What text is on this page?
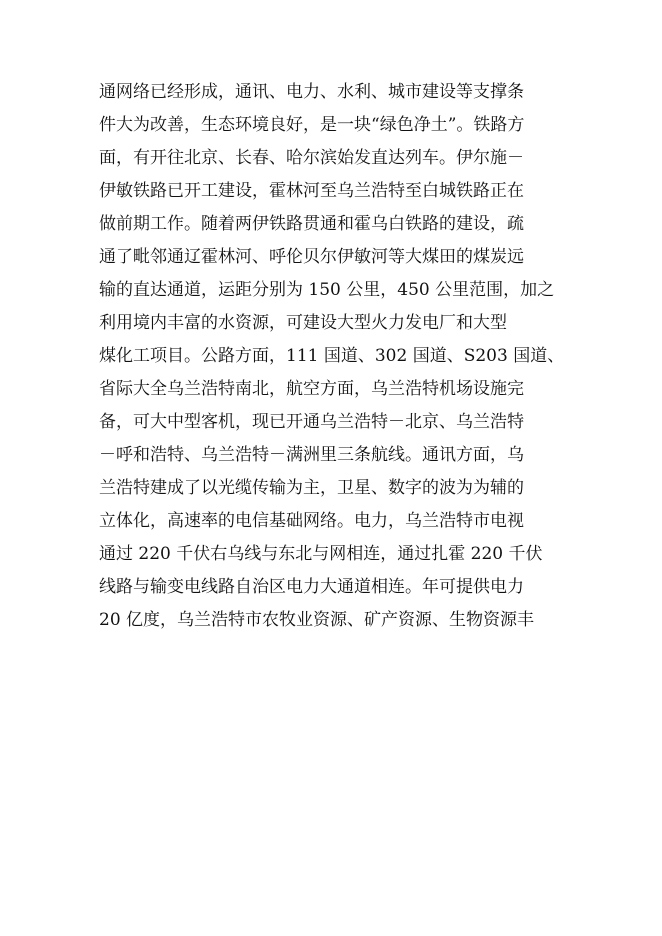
通网络已经形成，通讯、电力、水利、城市建设等支撑条
件大为改善，生态环境良好，是一块“绿色净土”。铁路方
面，有开往北京、长春、哈尔滨始发直达列车。伊尔施－
伊敏铁路已开工建设，霍林河至乌兰浩特至白城铁路正在
做前期工作。随着两伊铁路贯通和霍乌白铁路的建设，疏
通了毗邻通辽霍林河、呼伦贝尔伊敏河等大煤田的煤炭远
输的直达通道，运距分别为 150 公里，450 公里范围，加之
利用境内丰富的水资源，可建设大型火力发电厂和大型
煤化工项目。公路方面，111 国道、302 国道、S203 国道、
省际大全乌兰浩特南北，航空方面，乌兰浩特机场设施完
备，可大中型客机，现已开通乌兰浩特－北京、乌兰浩特
－呼和浩特、乌兰浩特－满洲里三条航线。通讯方面，乌
兰浩特建成了以光缆传输为主，卫星、数字的波为为辅的
立体化，高速率的电信基础网络。电力，乌兰浩特市电视
通过 220 千伏右乌线与东北与网相连，通过扎霍 220 千伏
线路与输变电线路自治区电力大通道相连。年可提供电力
20 亿度，乌兰浩特市农牧业资源、矿产资源、生物资源丰
